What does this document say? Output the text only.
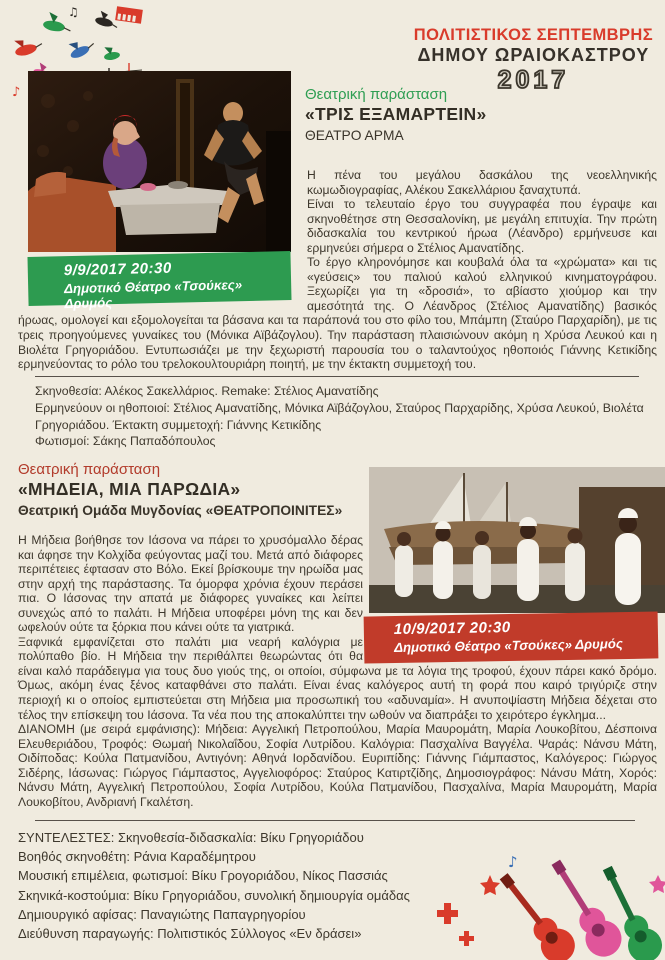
♪
♫
ΠΟΛΙΤΙΣΤΙΚΟΣ ΣΕΠΤΕΜΒΡΗΣ
ΔΗΜΟΥ ΩΡΑΙΟΚΑΣΤΡΟΥ
2017
9/9/2017 20:30
Δημοτικό Θέατρο «Τσούκες» Δρυμός
Θεατρική παράσταση
«ΤΡΙΣ ΕΞΑΜΑΡΤΕΙΝ»
ΘΕΑΤΡΟ ΑΡΜΑ

Η πένα του μεγάλου δασκάλου της νεοελληνικής κωμωδιογραφίας, Αλέκου Σακελλάριου ξαναχτυπά.

Είναι το τελευταίο έργο του συγγραφέα που έγραψε και σκηνοθέτησε στη Θεσσαλονίκη, με μεγάλη επιτυχία. Την πρώτη διδασκαλία του κεντρικού ήρωα (Λέανδρο) ερμήνευσε και ερμηνεύει σήμερα ο Στέλιος Αμανατίδης.

Το έργο κληρονόμησε και κουβαλά όλα τα «χρώματα» και τις «γεύσεις» του παλιού καλού ελληνικού κινηματογράφου. Ξεχωρίζει για τη «δροσιά», το αβίαστο χιούμορ και την αμεσότητά της. Ο Λέανδρος (Στέλιος Αμανατίδης) βασικός ήρωας, ομολογεί και εξομολογείται τα βάσανα και τα παράπονά του στο φίλο του, Μπάμπη (Σταύρο Παρχαρίδη), με τις τρεις προηγούμενες γυναίκες του (Μόνικα Αϊβάζογλου). Την παράσταση πλαισιώνουν ακόμη η Χρύσα Λευκού και η Βιολέτα Γρηγοριάδου. Εντυπωσιάζει με την ξεχωριστή παρουσία του ο ταλαντούχος ηθοποιός Γιάννης Κετικίδης ερμηνεύοντας το ρόλο του τρελοκουλτουριάρη ποιητή, με την έκτακτη συμμετοχή του.

Σκηνοθεσία: Αλέκος Σακελλάριος. Remake: Στέλιος Αμανατίδης
Ερμηνεύουν οι ηθοποιοί: Στέλιος Αμανατίδης, Μόνικα Αϊβάζογλου, Σταύρος Παρχαρίδης, Χρύσα Λευκού, Βιολέτα Γρηγοριάδου. Έκτακτη συμμετοχή: Γιάννης Κετικίδης
Φωτισμοί: Σάκης Παπαδόπουλος
Θεατρική παράσταση
«ΜΗΔΕΙΑ, ΜΙΑ ΠΑΡΩΔΙΑ»
Θεατρική Ομάδα Μυγδονίας «ΘΕΑΤΡΟΠΟΙΝΙΤΕΣ»
10/9/2017 20:30
Δημοτικό Θέατρο «Τσούκες» Δρυμός

Η Μήδεια βοήθησε τον Ιάσονα να πάρει το χρυσόμαλλο δέρας και άφησε την Κολχίδα φεύγοντας μαζί του. Μετά από διάφορες περιπέτειες έφτασαν στο Βόλο. Εκεί βρίσκουμε την ηρωίδα μας στην αρχή της παράστασης. Τα όμορφα χρόνια έχουν περάσει πια. Ο Ιάσονας την απατά με διάφορες γυναίκες και λείπει συνεχώς από το παλάτι. Η Μήδεια υποφέρει μόνη της και δεν ωφελούν ούτε τα ξόρκια που κάνει ούτε τα γιατρικά.

Ξαφνικά εμφανίζεται στο παλάτι μια νεαρή καλόγρια με πολύπαθο βίο. Η Μήδεια την περιθάλπει θεωρώντας ότι θα είναι καλό παράδειγμα για τους δυο γιούς της, οι οποίοι, σύμφωνα με τα λόγια της τροφού, έχουν πάρει κακό δρόμο. Όμως, ακόμη ένας ξένος καταφθάνει στο παλάτι. Είναι ένας καλόγερος αυτή τη φορά που καιρό τριγύριζε στην περιοχή κι ο οποίος εμπιστεύεται στη Μήδεια μια προσωπική του «αδυναμία». Η ανυποψίαστη Μήδεια δέχεται στο τέλος την επίσκεψη του Ιάσονα. Τα νέα που της αποκαλύπτει την ωθούν να διαπράξει το χειρότερο έγκλημα...

ΔΙΑΝΟΜΗ (με σειρά εμφάνισης): Μήδεια: Αγγελική Πετροπούλου, Μαρία Μαυρομάτη, Μαρία Λουκοβίτου, Δέσποινα Ελευθεριάδου, Τροφός: Θωμαή Νικολαΐδου, Σοφία Λυτρίδου. Καλόγρια: Πασχαλίνα Βαγγέλα. Ψαράς: Νάνσυ Μάτη, Οιδίποδας: Κούλα Πατμανίδου, Αντιγόνη: Αθηνά Ιορδανίδου. Ευριπίδης: Γιάννης Γιάμπαστος, Καλόγερος: Γιώργος Σιδέρης, Ιάσωνας: Γιώργος Γιάμπαστος, Αγγελιοφόρος: Σταύρος Κατιρτζίδης, Δημοσιογράφος: Νάνσυ Μάτη, Χορός: Νάνσυ Μάτη, Αγγελική Πετροπούλου, Σοφία Λυτρίδου, Κούλα Πατμανίδου, Πασχαλίνα, Μαρία Μαυρομάτη, Μαρία Λουκοβίτου, Ανδριανή Γκαλέτση.

ΣΥΝΤΕΛΕΣΤΕΣ: Σκηνοθεσία-διδασκαλία: Βίκυ Γρηγοριάδου
Βοηθός σκηνοθέτη: Ράνια Καραδέμητρου
Μουσική επιμέλεια, φωτισμοί: Βίκυ Γρογοριάδου, Νίκος Πασσιάς
Σκηνικά-κοστούμια: Βίκυ Γρηγοριάδου, συνολική δημιουργία ομάδας
Δημιουργικό αφίσας: Παναγιώτης Παπαγρηγορίου
Διεύθυνση παραγωγής: Πολιτιστικός Σύλλογος «Εν δράσει»
♪
